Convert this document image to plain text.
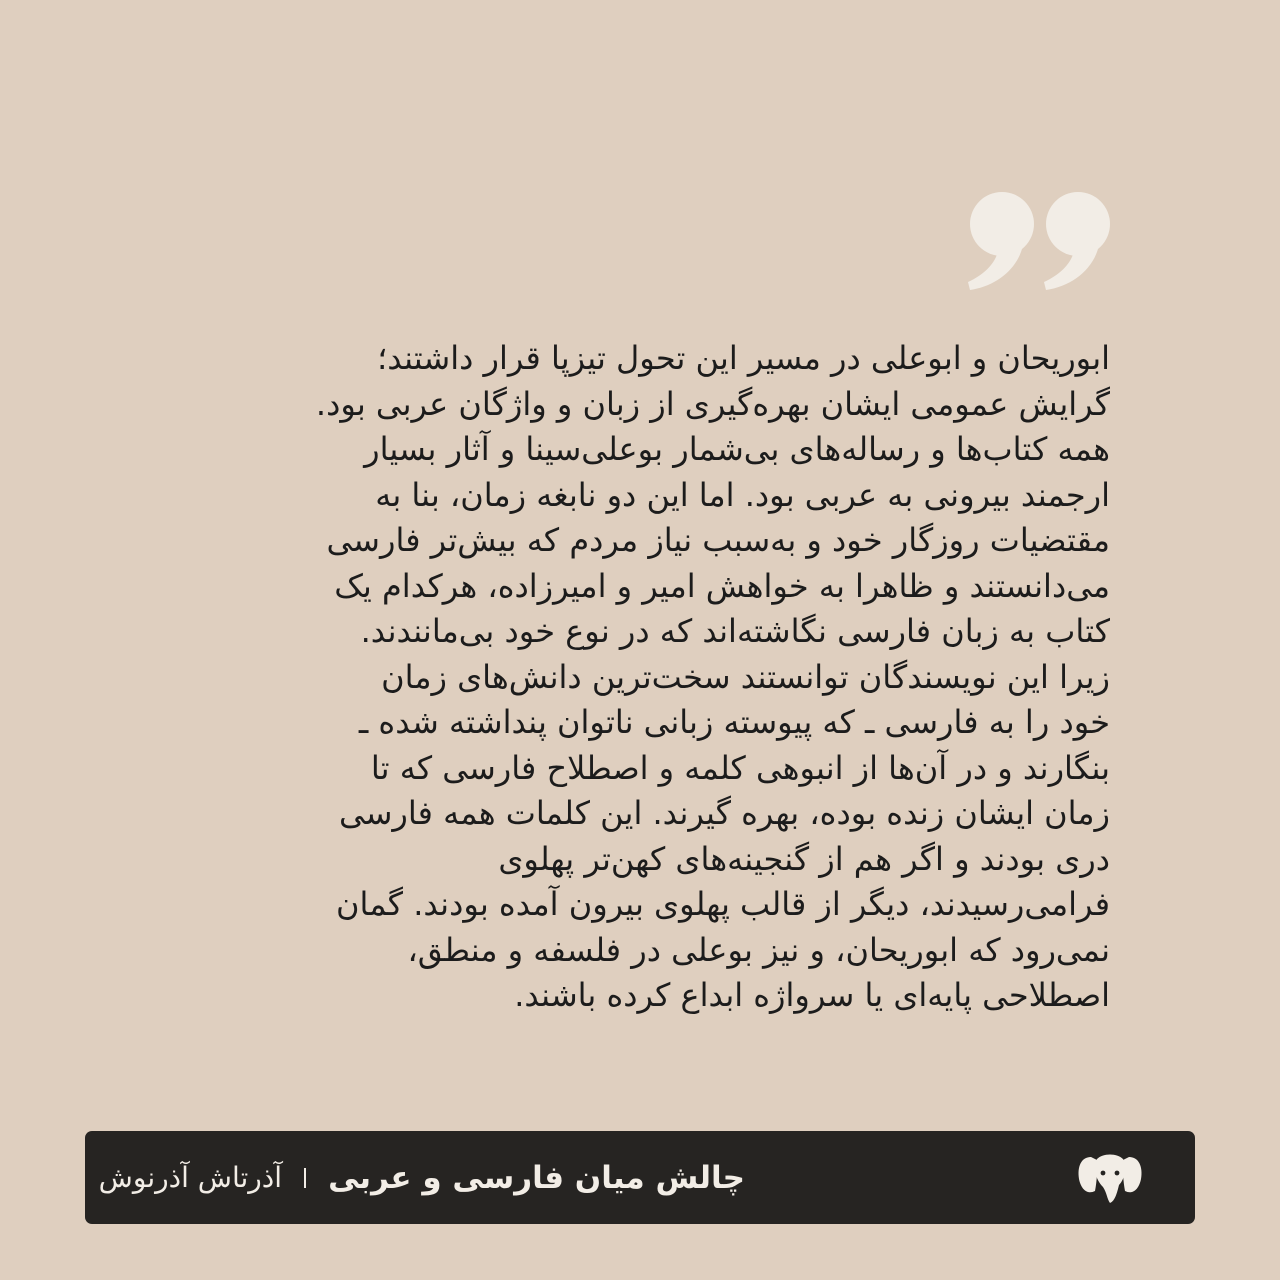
ابوریحان و ابوعلی در مسیر این تحول تیزپا قرار داشتند؛
گرایش عمومی ایشان بهره‌گیری از زبان و واژگان عربی بود.
همه کتاب‌ها و رساله‌های بی‌شمار بوعلی‌سینا و آثار بسیار
ارجمند بیرونی به عربی بود. اما این دو نابغه زمان، بنا به
مقتضیات روزگار خود و به‌سبب نیاز مردم که بیش‌تر فارسی
می‌دانستند و ظاهرا به خواهش امیر و امیرزاده، هرکدام یک
کتاب به زبان فارسی نگاشته‌اند که در نوع خود بی‌مانندند.
زیرا این نویسندگان توانستند سخت‌ترین دانش‌های زمان
خود را به فارسی ـ که پیوسته زبانی ناتوان پنداشته شده ـ
بنگارند و در آن‌ها از انبوهی کلمه و اصطلاح فارسی که تا
زمان ایشان زنده بوده، بهره گیرند. این کلمات همه فارسی
دری بودند و اگر هم از گنجینه‌های کهن‌تر پهلوی
فرامی‌رسیدند، دیگر از قالب پهلوی بیرون آمده بودند. گمان
نمی‌رود که ابوریحان، و نیز بوعلی در فلسفه و منطق،
اصطلاحی پایه‌ای یا سرواژه ابداع کرده باشند.
چالش میان فارسی و عربی
آذرتاش آذرنوش
